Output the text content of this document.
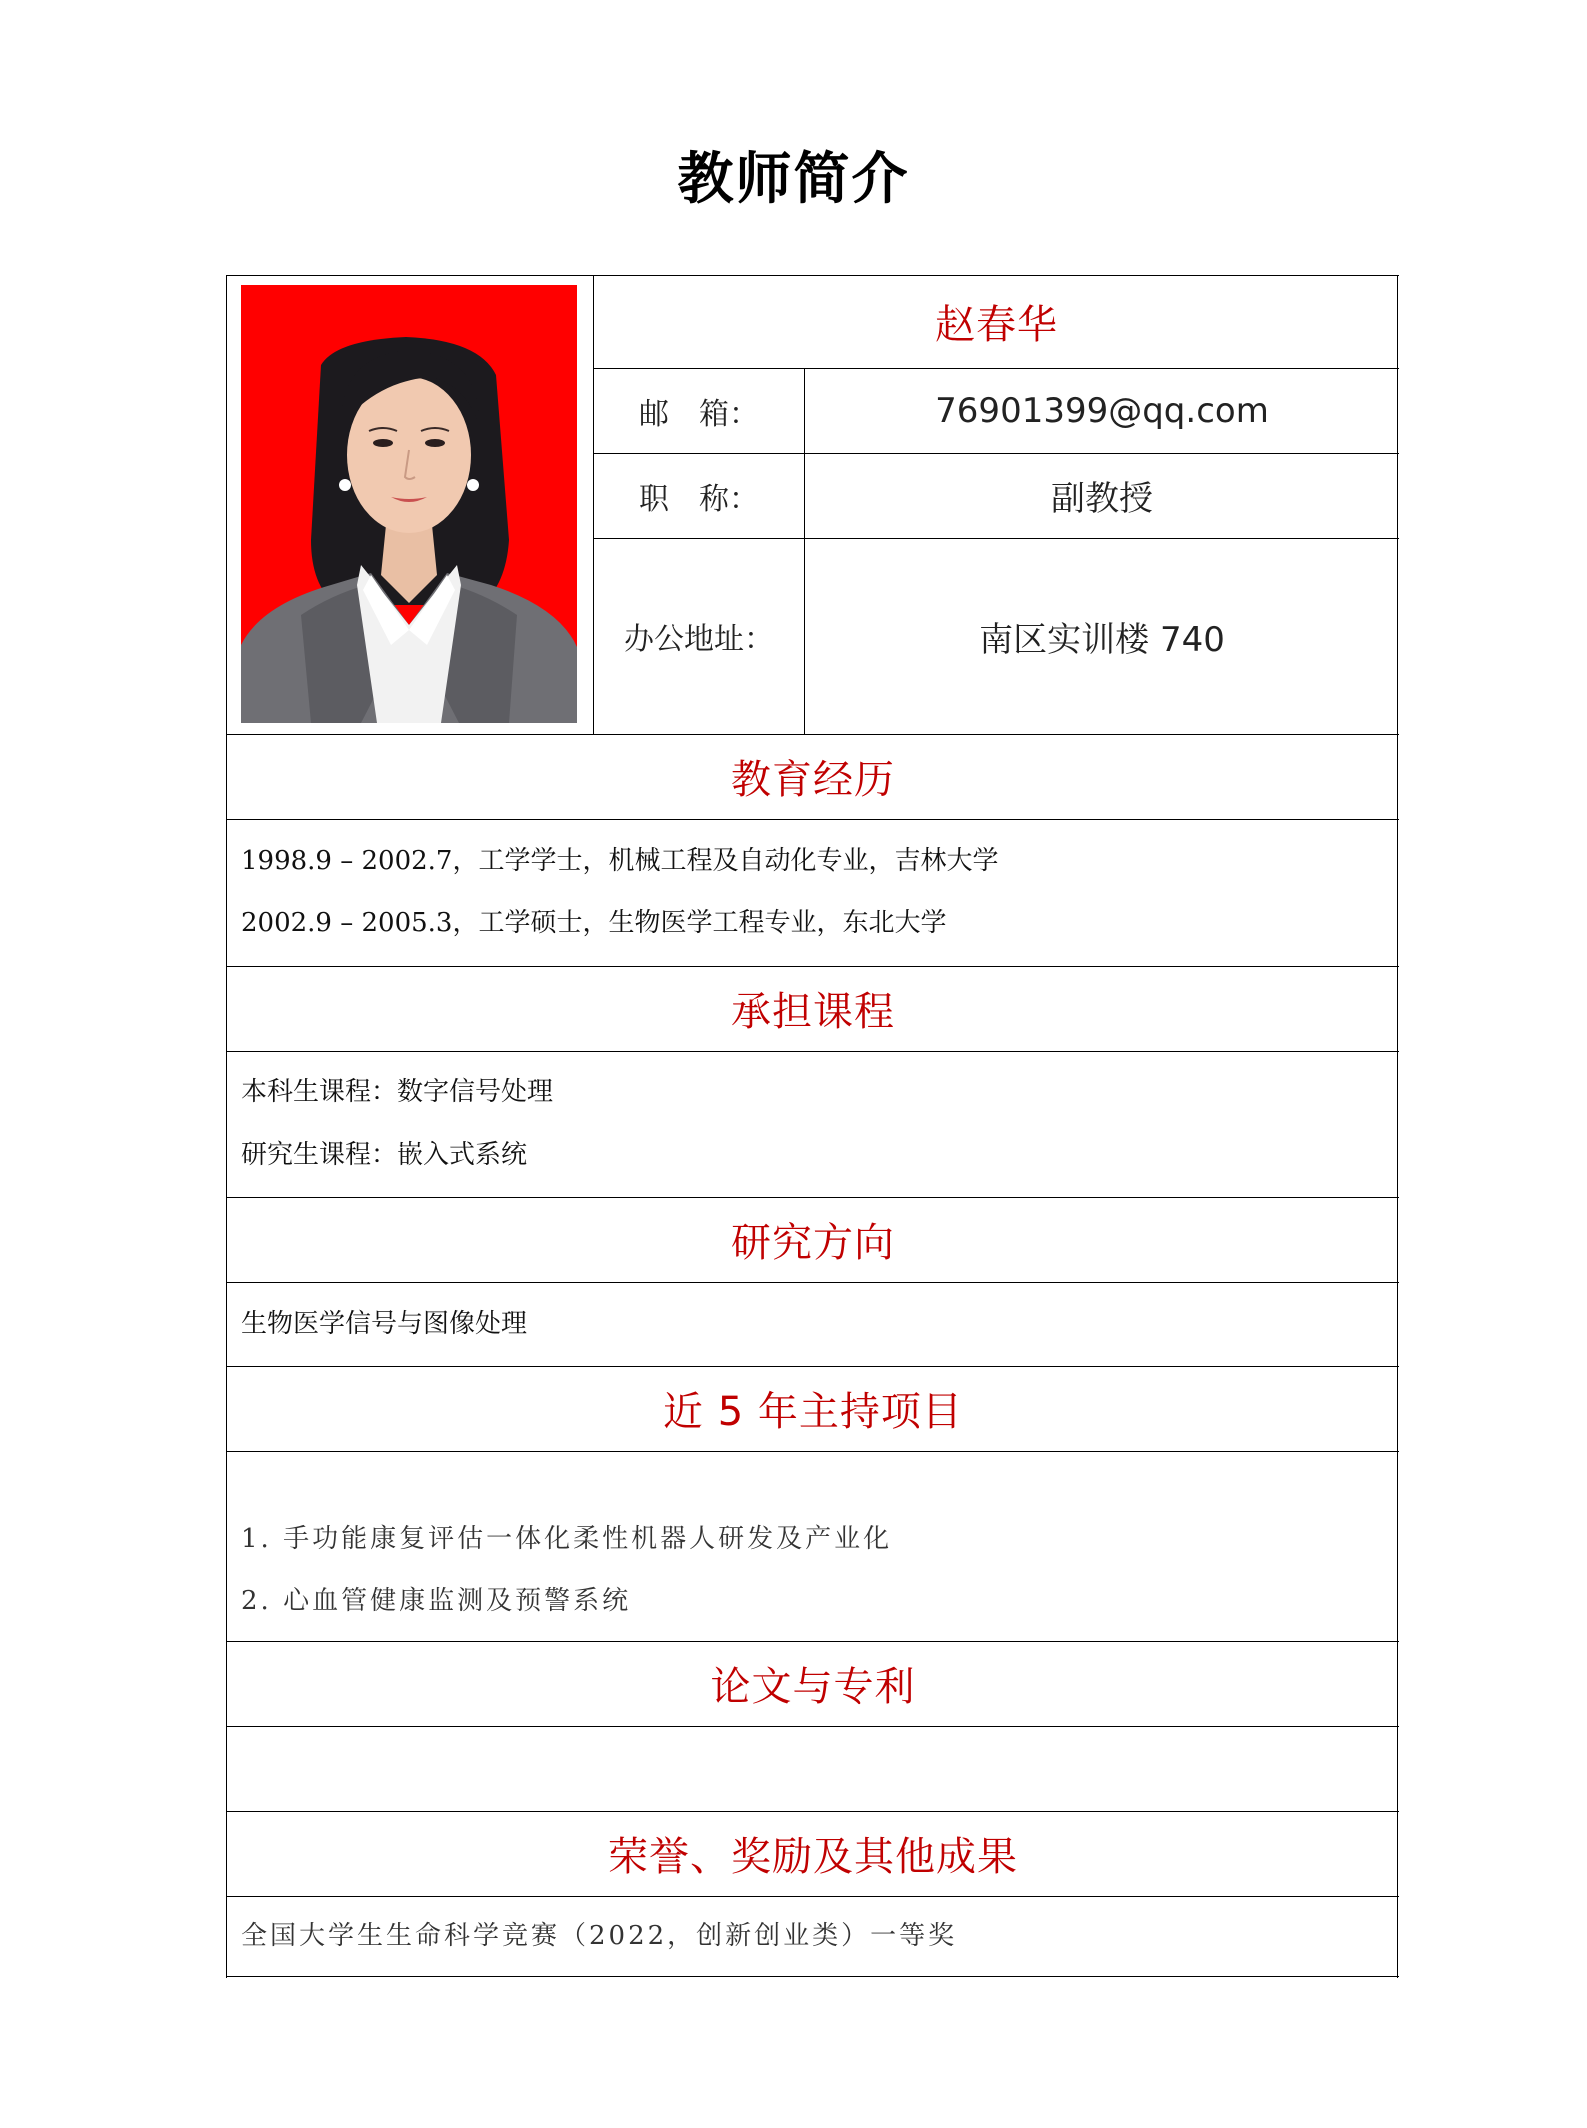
教师简介
赵春华
邮　箱：	76901399@qq.com
职　称：	副教授
办公地址：	南区实训楼 740
教育经历
1998.9 – 2002.7，工学学士，机械工程及自动化专业，吉林大学
2002.9 – 2005.3，工学硕士，生物医学工程专业，东北大学
承担课程
本科生课程：数字信号处理
研究生课程：嵌入式系统
研究方向
生物医学信号与图像处理
近 5 年主持项目
1. 手功能康复评估一体化柔性机器人研发及产业化
2. 心血管健康监测及预警系统
论文与专利
荣誉、奖励及其他成果
全国大学生生命科学竞赛（2022，创新创业类）一等奖
